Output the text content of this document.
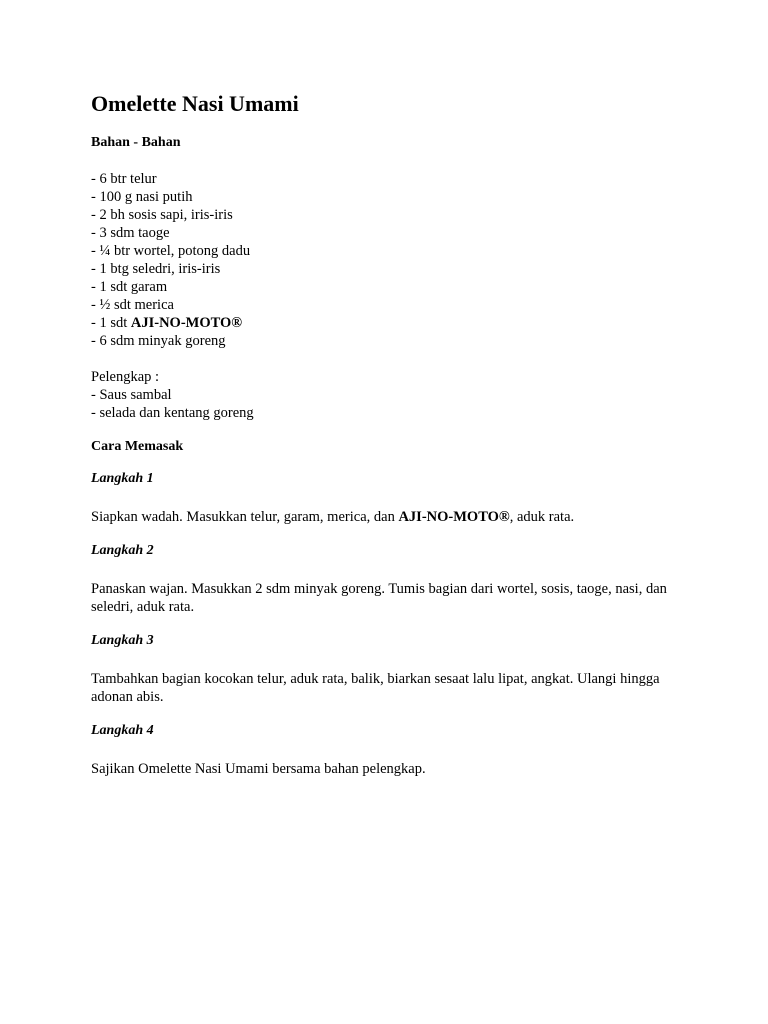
Omelette Nasi Umami
Bahan - Bahan
- 6 btr telur
- 100 g nasi putih
- 2 bh sosis sapi, iris-iris
- 3 sdm taoge
- ¼ btr wortel, potong dadu
- 1 btg seledri, iris-iris
- 1 sdt garam
- ½ sdt merica
- 1 sdt AJI-NO-MOTO®
- 6 sdm minyak goreng
Pelengkap :
- Saus sambal
- selada dan kentang goreng
Cara Memasak
Langkah 1
Siapkan wadah. Masukkan telur, garam, merica, dan AJI-NO-MOTO®, aduk rata.
Langkah 2
Panaskan wajan. Masukkan 2 sdm minyak goreng. Tumis bagian dari wortel, sosis, taoge, nasi, dan seledri, aduk rata.
Langkah 3
Tambahkan bagian kocokan telur, aduk rata, balik, biarkan sesaat lalu lipat, angkat. Ulangi hingga adonan abis.
Langkah 4
Sajikan Omelette Nasi Umami bersama bahan pelengkap.
